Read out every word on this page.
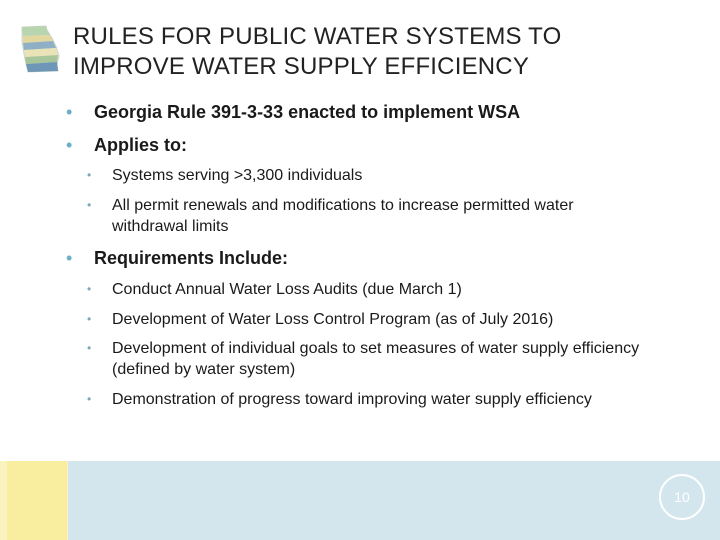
RULES FOR PUBLIC WATER SYSTEMS TO
IMPROVE WATER SUPPLY EFFICIENCY
• Georgia Rule 391-3-33 enacted to implement WSA
• Applies to:
• Systems serving >3,300 individuals
• All permit renewals and modifications to increase permitted water withdrawal limits
• Requirements Include:
• Conduct Annual Water Loss Audits (due March 1)
• Development of Water Loss Control Program (as of July 2016)
• Development of individual goals to set measures of water supply efficiency (defined by water system)
• Demonstration of progress toward improving water supply efficiency
10
